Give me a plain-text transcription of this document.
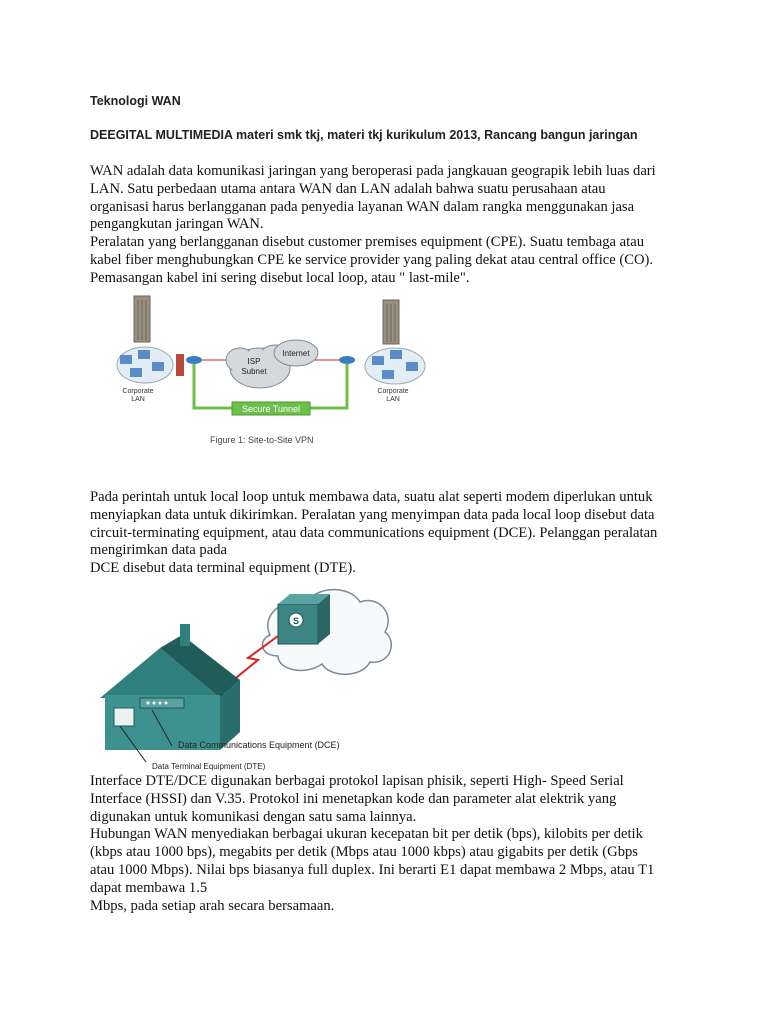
Teknologi WAN
DEEGITAL MULTIMEDIA materi smk tkj, materi tkj kurikulum 2013, Rancang bangun jaringan
WAN adalah data komunikasi jaringan yang beroperasi pada jangkauan geograpik lebih luas dari
LAN. Satu perbedaan utama antara WAN dan LAN adalah bahwa suatu perusahaan atau
organisasi harus berlangganan pada penyedia layanan WAN dalam rangka menggunakan jasa
pengangkutan jaringan WAN.
Peralatan yang berlangganan disebut customer premises equipment (CPE). Suatu tembaga atau
kabel fiber menghubungkan CPE ke service provider yang paling dekat atau central office (CO).
Pemasangan kabel ini sering disebut local loop, atau " last-mile".
Corporate
LAN
ISP
Subnet
Internet
Corporate
LAN
Secure Tunnel
Figure 1: Site-to-Site VPN
Pada perintah untuk local loop untuk membawa data, suatu alat seperti modem diperlukan untuk
menyiapkan data untuk dikirimkan. Peralatan yang menyimpan data pada local loop disebut data
circuit-terminating equipment, atau data communications equipment (DCE). Pelanggan peralatan
mengirimkan data pada
DCE disebut data terminal equipment (DTE).
S
Data Communications Equipment (DCE)
Data Terminal Equipment (DTE)
Interface DTE/DCE digunakan berbagai protokol lapisan phisik, seperti High- Speed Serial
Interface (HSSI) dan V.35. Protokol ini menetapkan kode dan parameter alat elektrik yang
digunakan untuk komunikasi dengan satu sama lainnya.
Hubungan WAN menyediakan berbagai ukuran kecepatan bit per detik (bps), kilobits per detik
(kbps atau 1000 bps), megabits per detik (Mbps atau 1000 kbps) atau gigabits per detik (Gbps
atau 1000 Mbps). Nilai bps biasanya full duplex. Ini berarti E1 dapat membawa 2 Mbps, atau T1
dapat membawa 1.5
Mbps, pada setiap arah secara bersamaan.
